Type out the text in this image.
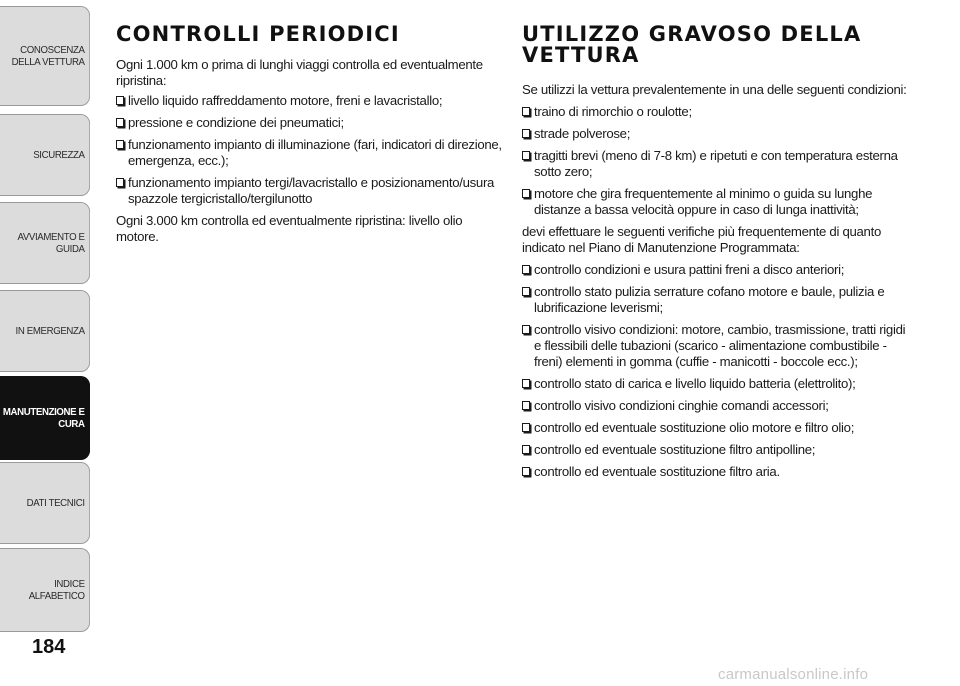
CONOSCENZA
DELLA VETTURA
SICUREZZA
AVVIAMENTO E
GUIDA
IN EMERGENZA
MANUTENZIONE E
CURA
DATI TECNICI
INDICE ALFABETICO
184
CONTROLLI PERIODICI

Ogni 1.000 km o prima di lunghi viaggi controlla ed eventualmente ripristina:

livello liquido raffreddamento motore, freni e lavacristallo;
pressione e condizione dei pneumatici;
funzionamento impianto di illuminazione (fari, indicatori di direzione, emergenza, ecc.);
funzionamento impianto tergi/lavacristallo e posizionamento/usura spazzole tergicristallo/tergilunotto

Ogni 3.000 km controlla ed eventualmente ripristina: livello olio motore.

UTILIZZO GRAVOSO DELLA
VETTURA

Se utilizzi la vettura prevalentemente in una delle seguenti condizioni:

traino di rimorchio o roulotte;
strade polverose;
tragitti brevi (meno di 7-8 km) e ripetuti e con temperatura esterna sotto zero;
motore che gira frequentemente al minimo o guida su lunghe distanze a bassa velocità oppure in caso di lunga inattività;

devi effettuare le seguenti verifiche più frequentemente di quanto indicato nel Piano di Manutenzione Programmata:

controllo condizioni e usura pattini freni a disco anteriori;
controllo stato pulizia serrature cofano motore e baule, pulizia e lubrificazione leverismi;
controllo visivo condizioni: motore, cambio, trasmissione, tratti rigidi e flessibili delle tubazioni (scarico - alimentazione combustibile - freni) elementi in gomma (cuffie - manicotti - boccole ecc.);
controllo stato di carica e livello liquido batteria (elettrolito);
controllo visivo condizioni cinghie comandi accessori;
controllo ed eventuale sostituzione olio motore e filtro olio;
controllo ed eventuale sostituzione filtro antipolline;
controllo ed eventuale sostituzione filtro aria.
carmanualsonline.info
